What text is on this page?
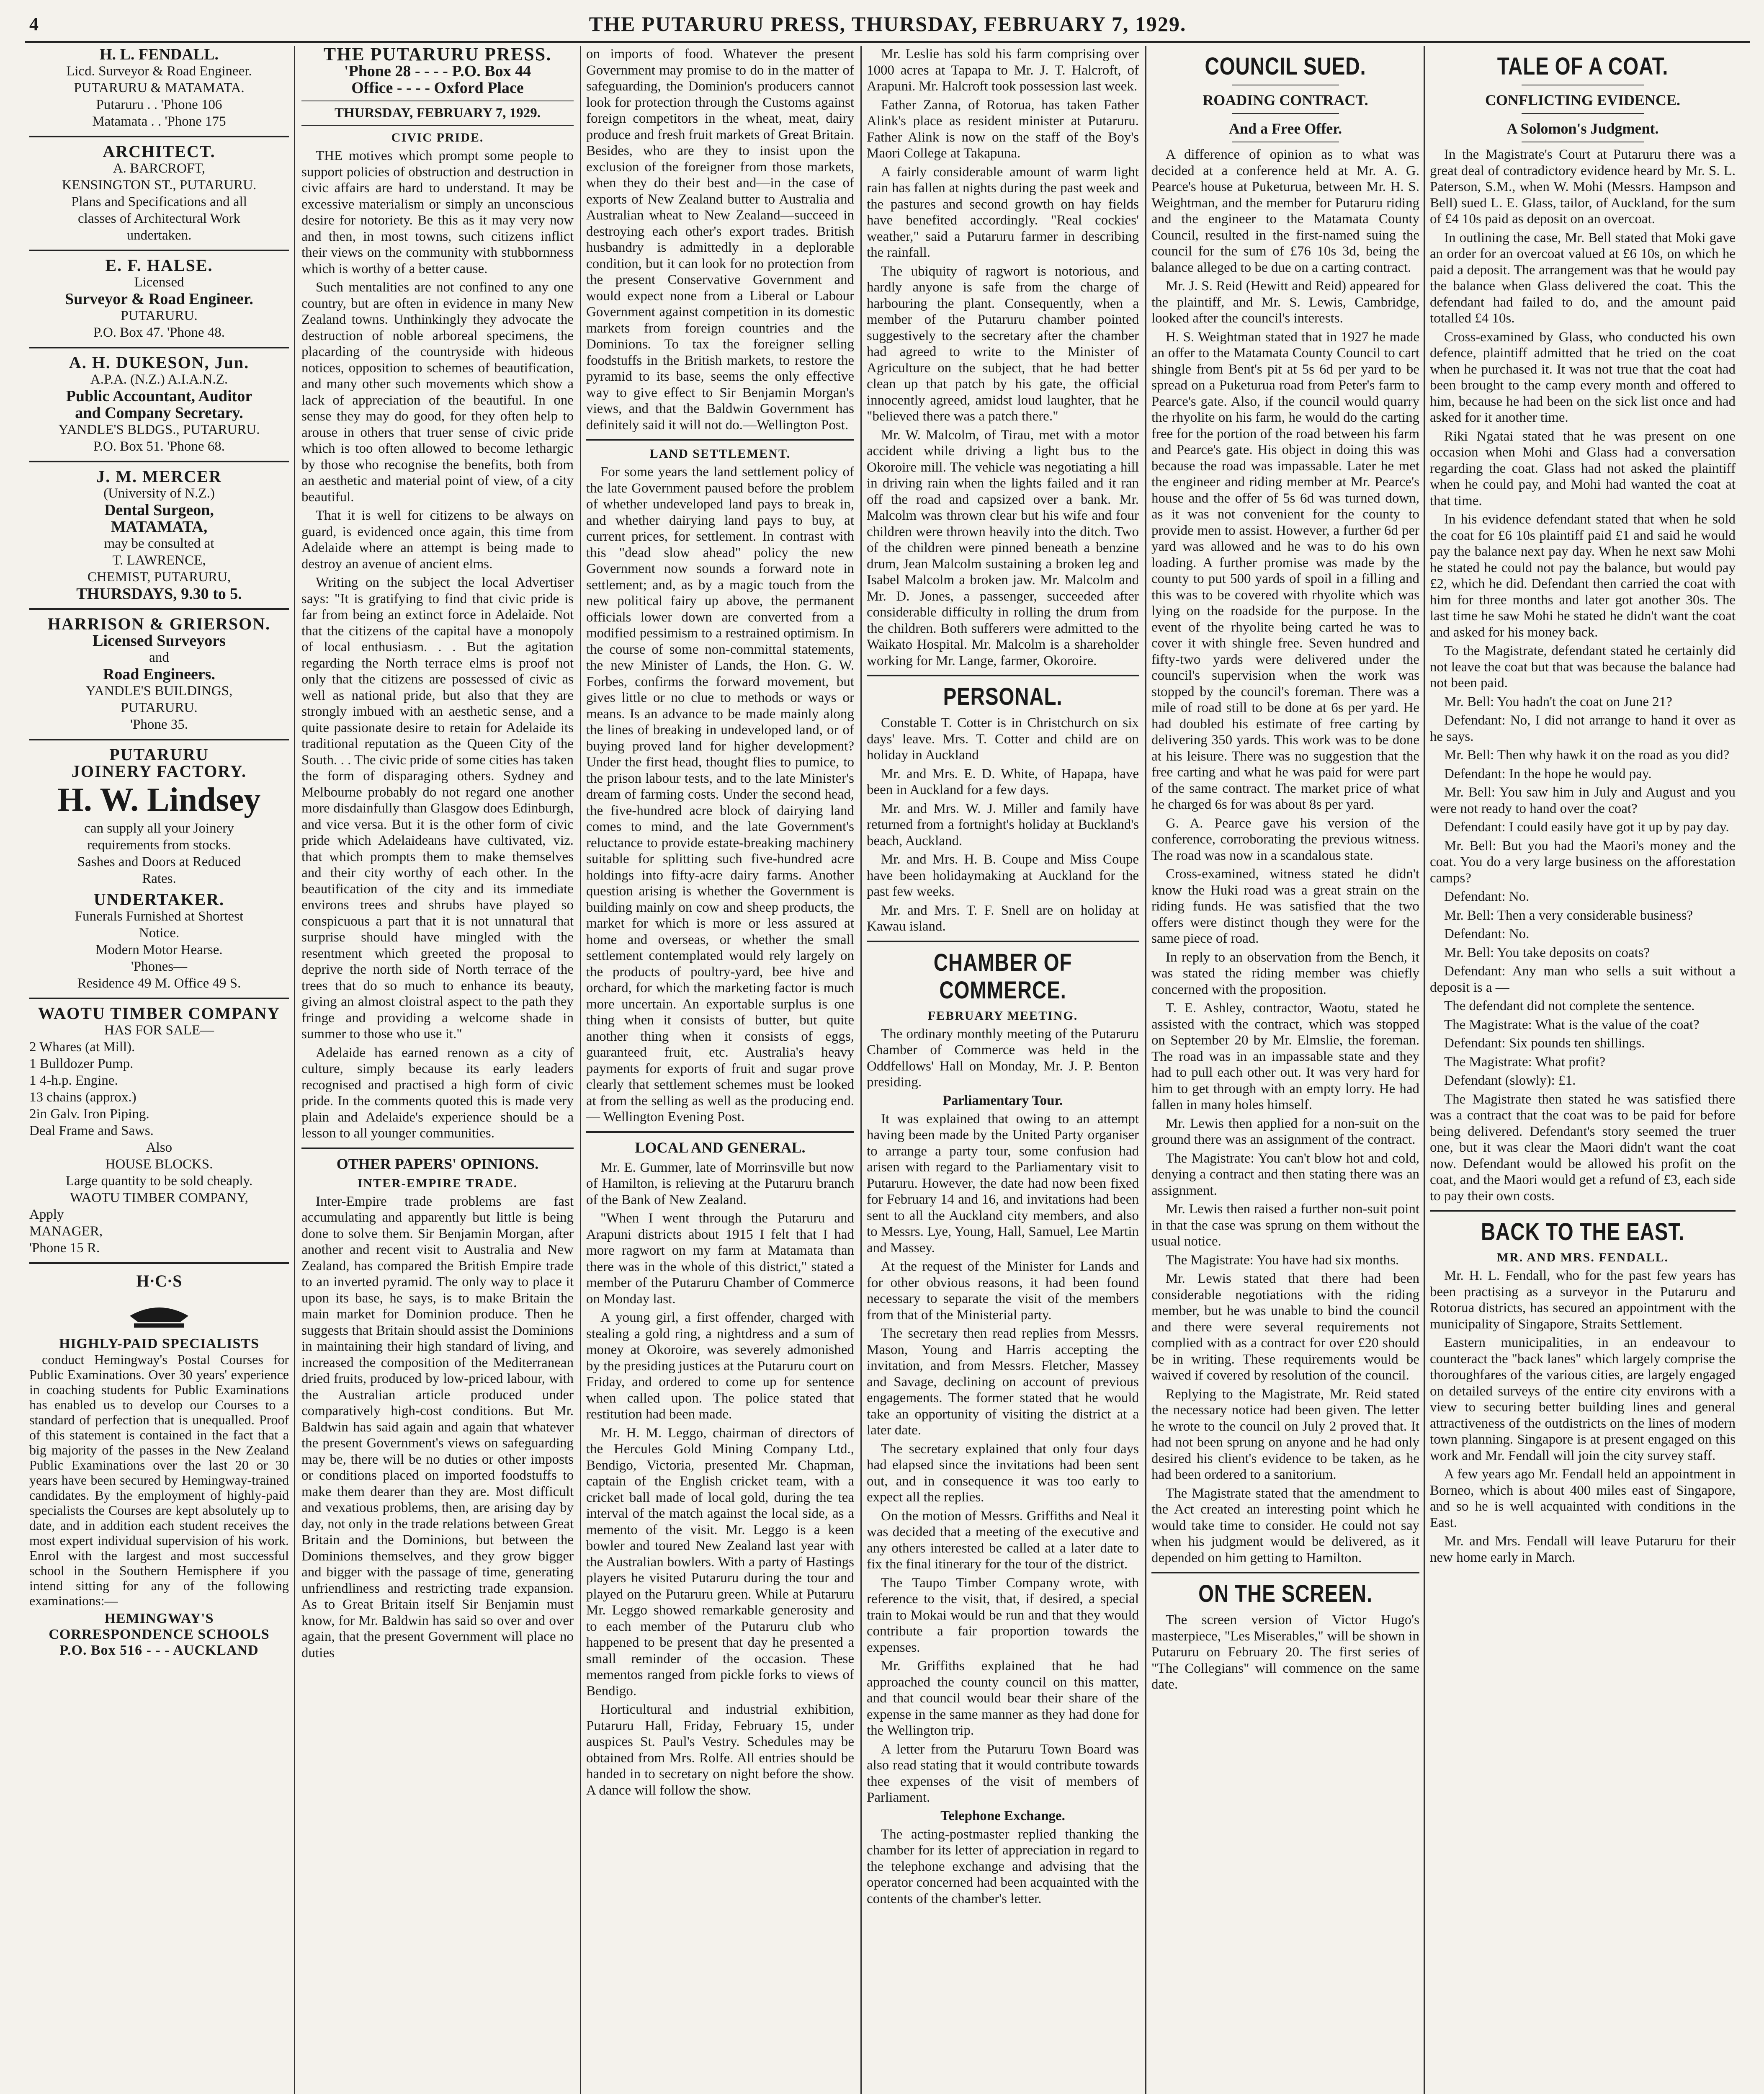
4	THE PUTARURU PRESS, THURSDAY, FEBRUARY 7, 1929.
H. L. FENDALL.
Licd. Surveyor & Road Engineer.
PUTARURU & MATAMATA.
Putaruru . . 'Phone 106
Matamata . . 'Phone 175
ARCHITECT.
A. BARCROFT,
KENSINGTON ST., PUTARURU.
Plans and Specifications and all
classes of Architectural Work
undertaken.
E. F. HALSE.
Licensed
Surveyor & Road Engineer.
PUTARURU.
P.O. Box 47. 'Phone 48.
A. H. DUKESON, Jun.
A.P.A. (N.Z.) A.I.A.N.Z.
Public Accountant, Auditor
and Company Secretary.
YANDLE'S BLDGS., PUTARURU.
P.O. Box 51. 'Phone 68.
J. M. MERCER
(University of N.Z.)
Dental Surgeon,
MATAMATA,
may be consulted at
T. LAWRENCE,
CHEMIST, PUTARURU,
THURSDAYS, 9.30 to 5.
HARRISON & GRIERSON.
Licensed Surveyors
and
Road Engineers.
YANDLE'S BUILDINGS,
PUTARURU.
'Phone 35.
PUTARURU
JOINERY FACTORY.
H. W. Lindsey
can supply all your Joinery
requirements from stocks.
Sashes and Doors at Reduced
Rates.
UNDERTAKER.
Funerals Furnished at Shortest
Notice.
Modern Motor Hearse.
'Phones—
Residence 49 M. Office 49 S.
WAOTU TIMBER COMPANY
HAS FOR SALE—
2 Whares (at Mill).
1 Bulldozer Pump.
1 4-h.p. Engine.
13 chains (approx.)
2in Galv. Iron Piping.
Deal Frame and Saws.
Also
HOUSE BLOCKS.
Large quantity to be sold cheaply.
WAOTU TIMBER COMPANY,
Apply
MANAGER,
'Phone 15 R.
H·C·S
HIGHLY-PAID SPECIALISTS

conduct Hemingway's Postal Courses for Public Examinations. Over 30 years' experience in coaching students for Public Examinations has enabled us to develop our Courses to a standard of perfection that is unequalled. Proof of this statement is contained in the fact that a big majority of the passes in the New Zealand Public Examinations over the last 20 or 30 years have been secured by Hemingway-trained candidates. By the employment of highly-paid specialists the Courses are kept absolutely up to date, and in addition each student receives the most expert individual supervision of his work. Enrol with the largest and most successful school in the Southern Hemisphere if you intend sitting for any of the following examinations:—

HEMINGWAY'S
CORRESPONDENCE SCHOOLS
P.O. Box 516 - - - AUCKLAND
THE PUTARURU PRESS.
'Phone 28 - - - - P.O. Box 44
Office - - - - Oxford Place
THURSDAY, FEBRUARY 7, 1929.
CIVIC PRIDE.

THE motives which prompt some people to support policies of obstruction and destruction in civic affairs are hard to understand. It may be excessive materialism or simply an unconscious desire for notoriety. Be this as it may very now and then, in most towns, such citizens inflict their views on the community with stubbornness which is worthy of a better cause.

Such mentalities are not confined to any one country, but are often in evidence in many New Zealand towns. Unthinkingly they advocate the destruction of noble arboreal specimens, the placarding of the countryside with hideous notices, opposition to schemes of beautification, and many other such movements which show a lack of appreciation of the beautiful. In one sense they may do good, for they often help to arouse in others that truer sense of civic pride which is too often allowed to become lethargic by those who recognise the benefits, both from an aesthetic and material point of view, of a city beautiful.

That it is well for citizens to be always on guard, is evidenced once again, this time from Adelaide where an attempt is being made to destroy an avenue of ancient elms.

Writing on the subject the local Advertiser says: "It is gratifying to find that civic pride is far from being an extinct force in Adelaide. Not that the citizens of the capital have a monopoly of local enthusiasm. . . But the agitation regarding the North terrace elms is proof not only that the citizens are possessed of civic as well as national pride, but also that they are strongly imbued with an aesthetic sense, and a quite passionate desire to retain for Adelaide its traditional reputation as the Queen City of the South. . . The civic pride of some cities has taken the form of disparaging others. Sydney and Melbourne probably do not regard one another more disdainfully than Glasgow does Edinburgh, and vice versa. But it is the other form of civic pride which Adelaideans have cultivated, viz. that which prompts them to make themselves and their city worthy of each other. In the beautification of the city and its immediate environs trees and shrubs have played so conspicuous a part that it is not unnatural that surprise should have mingled with the resentment which greeted the proposal to deprive the north side of North terrace of the trees that do so much to enhance its beauty, giving an almost cloistral aspect to the path they fringe and providing a welcome shade in summer to those who use it."

Adelaide has earned renown as a city of culture, simply because its early leaders recognised and practised a high form of civic pride. In the comments quoted this is made very plain and Adelaide's experience should be a lesson to all younger communities.

OTHER PAPERS' OPINIONS.
INTER-EMPIRE TRADE.

Inter-Empire trade problems are fast accumulating and apparently but little is being done to solve them. Sir Benjamin Morgan, after another and recent visit to Australia and New Zealand, has compared the British Empire trade to an inverted pyramid. The only way to place it upon its base, he says, is to make Britain the main market for Dominion produce. Then he suggests that Britain should assist the Dominions in maintaining their high standard of living, and increased the composition of the Mediterranean dried fruits, produced by low-priced labour, with the Australian article produced under comparatively high-cost conditions. But Mr. Baldwin has said again and again that whatever the present Government's views on safeguarding may be, there will be no duties or other imposts or conditions placed on imported foodstuffs to make them dearer than they are. Most difficult and vexatious problems, then, are arising day by day, not only in the trade relations between Great Britain and the Dominions, but between the Dominions themselves, and they grow bigger and bigger with the passage of time, generating unfriendliness and restricting trade expansion. As to Great Britain itself Sir Benjamin must know, for Mr. Baldwin has said so over and over again, that the present Government will place no duties

on imports of food. Whatever the present Government may promise to do in the matter of safeguarding, the Dominion's producers cannot look for protection through the Customs against foreign competitors in the wheat, meat, dairy produce and fresh fruit markets of Great Britain. Besides, who are they to insist upon the exclusion of the foreigner from those markets, when they do their best and—in the case of exports of New Zealand butter to Australia and Australian wheat to New Zealand—succeed in destroying each other's export trades. British husbandry is admittedly in a deplorable condition, but it can look for no protection from the present Conservative Government and would expect none from a Liberal or Labour Government against competition in its domestic markets from foreign countries and the Dominions. To tax the foreigner selling foodstuffs in the British markets, to restore the pyramid to its base, seems the only effective way to give effect to Sir Benjamin Morgan's views, and that the Baldwin Government has definitely said it will not do.—Wellington Post.

LAND SETTLEMENT.

For some years the land settlement policy of the late Government paused before the problem of whether undeveloped land pays to break in, and whether dairying land pays to buy, at current prices, for settlement. In contrast with this "dead slow ahead" policy the new Government now sounds a forward note in settlement; and, as by a magic touch from the new political fairy up above, the permanent officials lower down are converted from a modified pessimism to a restrained optimism. In the course of some non-committal statements, the new Minister of Lands, the Hon. G. W. Forbes, confirms the forward movement, but gives little or no clue to methods or ways or means. Is an advance to be made mainly along the lines of breaking in undeveloped land, or of buying proved land for higher development? Under the first head, thought flies to pumice, to the prison labour tests, and to the late Minister's dream of farming costs. Under the second head, the five-hundred acre block of dairying land comes to mind, and the late Government's reluctance to provide estate-breaking machinery suitable for splitting such five-hundred acre holdings into fifty-acre dairy farms. Another question arising is whether the Government is building mainly on cow and sheep products, the market for which is more or less assured at home and overseas, or whether the small settlement contemplated would rely largely on the products of poultry-yard, bee hive and orchard, for which the marketing factor is much more uncertain. An exportable surplus is one thing when it consists of butter, but quite another thing when it consists of eggs, guaranteed fruit, etc. Australia's heavy payments for exports of fruit and sugar prove clearly that settlement schemes must be looked at from the selling as well as the producing end. — Wellington Evening Post.

LOCAL AND GENERAL.

Mr. E. Gummer, late of Morrinsville but now of Hamilton, is relieving at the Putaruru branch of the Bank of New Zealand.

"When I went through the Putaruru and Arapuni districts about 1915 I felt that I had more ragwort on my farm at Matamata than there was in the whole of this district," stated a member of the Putaruru Chamber of Commerce on Monday last.

A young girl, a first offender, charged with stealing a gold ring, a nightdress and a sum of money at Okoroire, was severely admonished by the presiding justices at the Putaruru court on Friday, and ordered to come up for sentence when called upon. The police stated that restitution had been made.

Mr. H. M. Leggo, chairman of directors of the Hercules Gold Mining Company Ltd., Bendigo, Victoria, presented Mr. Chapman, captain of the English cricket team, with a cricket ball made of local gold, during the tea interval of the match against the local side, as a memento of the visit. Mr. Leggo is a keen bowler and toured New Zealand last year with the Australian bowlers. With a party of Hastings players he visited Putaruru during the tour and played on the Putaruru green. While at Putaruru Mr. Leggo showed remarkable generosity and to each member of the Putaruru club who happened to be present that day he presented a small reminder of the occasion. These mementos ranged from pickle forks to views of Bendigo.

Horticultural and industrial exhibition, Putaruru Hall, Friday, February 15, under auspices St. Paul's Vestry. Schedules may be obtained from Mrs. Rolfe. All entries should be handed in to secretary on night before the show. A dance will follow the show.

Mr. Leslie has sold his farm comprising over 1000 acres at Tapapa to Mr. J. T. Halcroft, of Arapuni. Mr. Halcroft took possession last week.

Father Zanna, of Rotorua, has taken Father Alink's place as resident minister at Putaruru. Father Alink is now on the staff of the Boy's Maori College at Takapuna.

A fairly considerable amount of warm light rain has fallen at nights during the past week and the pastures and second growth on hay fields have benefited accordingly. "Real cockies' weather," said a Putaruru farmer in describing the rainfall.

The ubiquity of ragwort is notorious, and hardly anyone is safe from the charge of harbouring the plant. Consequently, when a member of the Putaruru chamber pointed suggestively to the secretary after the chamber had agreed to write to the Minister of Agriculture on the subject, that he had better clean up that patch by his gate, the official innocently agreed, amidst loud laughter, that he "believed there was a patch there."

Mr. W. Malcolm, of Tirau, met with a motor accident while driving a light bus to the Okoroire mill. The vehicle was negotiating a hill in driving rain when the lights failed and it ran off the road and capsized over a bank. Mr. Malcolm was thrown clear but his wife and four children were thrown heavily into the ditch. Two of the children were pinned beneath a benzine drum, Jean Malcolm sustaining a broken leg and Isabel Malcolm a broken jaw. Mr. Malcolm and Mr. D. Jones, a passenger, succeeded after considerable difficulty in rolling the drum from the children. Both sufferers were admitted to the Waikato Hospital. Mr. Malcolm is a shareholder working for Mr. Lange, farmer, Okoroire.

PERSONAL.

Constable T. Cotter is in Christchurch on six days' leave. Mrs. T. Cotter and child are on holiday in Auckland

Mr. and Mrs. E. D. White, of Hapapa, have been in Auckland for a few days.

Mr. and Mrs. W. J. Miller and family have returned from a fortnight's holiday at Buckland's beach, Auckland.

Mr. and Mrs. H. B. Coupe and Miss Coupe have been holidaymaking at Auckland for the past few weeks.

Mr. and Mrs. T. F. Snell are on holiday at Kawau island.

CHAMBER OF COMMERCE.
FEBRUARY MEETING.

The ordinary monthly meeting of the Putaruru Chamber of Commerce was held in the Oddfellows' Hall on Monday, Mr. J. P. Benton presiding.

Parliamentary Tour.

It was explained that owing to an attempt having been made by the United Party organiser to arrange a party tour, some confusion had arisen with regard to the Parliamentary visit to Putaruru. However, the date had now been fixed for February 14 and 16, and invitations had been sent to all the Auckland city members, and also to Messrs. Lye, Young, Hall, Samuel, Lee Martin and Massey.

At the request of the Minister for Lands and for other obvious reasons, it had been found necessary to separate the visit of the members from that of the Ministerial party.

The secretary then read replies from Messrs. Mason, Young and Harris accepting the invitation, and from Messrs. Fletcher, Massey and Savage, declining on account of previous engagements. The former stated that he would take an opportunity of visiting the district at a later date.

The secretary explained that only four days had elapsed since the invitations had been sent out, and in consequence it was too early to expect all the replies.

On the motion of Messrs. Griffiths and Neal it was decided that a meeting of the executive and any others interested be called at a later date to fix the final itinerary for the tour of the district.

The Taupo Timber Company wrote, with reference to the visit, that, if desired, a special train to Mokai would be run and that they would contribute a fair proportion towards the expenses.

Mr. Griffiths explained that he had approached the county council on this matter, and that council would bear their share of the expense in the same manner as they had done for the Wellington trip.

A letter from the Putaruru Town Board was also read stating that it would contribute towards thee expenses of the visit of members of Parliament.

Telephone Exchange.

The acting-postmaster replied thanking the chamber for its letter of appreciation in regard to the telephone exchange and advising that the operator concerned had been acquainted with the contents of the chamber's letter.

COUNCIL SUED.
ROADING CONTRACT.
And a Free Offer.

A difference of opinion as to what was decided at a conference held at Mr. A. G. Pearce's house at Puketurua, between Mr. H. S. Weightman, and the member for Putaruru riding and the engineer to the Matamata County Council, resulted in the first-named suing the council for the sum of £76 10s 3d, being the balance alleged to be due on a carting contract.

Mr. J. S. Reid (Hewitt and Reid) appeared for the plaintiff, and Mr. S. Lewis, Cambridge, looked after the council's interests.

H. S. Weightman stated that in 1927 he made an offer to the Matamata County Council to cart shingle from Bent's pit at 5s 6d per yard to be spread on a Puketurua road from Peter's farm to Pearce's gate. Also, if the council would quarry the rhyolite on his farm, he would do the carting free for the portion of the road between his farm and Pearce's gate. His object in doing this was because the road was impassable. Later he met the engineer and riding member at Mr. Pearce's house and the offer of 5s 6d was turned down, as it was not convenient for the county to provide men to assist. However, a further 6d per yard was allowed and he was to do his own loading. A further promise was made by the county to put 500 yards of spoil in a filling and this was to be covered with rhyolite which was lying on the roadside for the purpose. In the event of the rhyolite being carted he was to cover it with shingle free. Seven hundred and fifty-two yards were delivered under the council's supervision when the work was stopped by the council's foreman. There was a mile of road still to be done at 6s per yard. He had doubled his estimate of free carting by delivering 350 yards. This work was to be done at his leisure. There was no suggestion that the free carting and what he was paid for were part of the same contract. The market price of what he charged 6s for was about 8s per yard.

G. A. Pearce gave his version of the conference, corroborating the previous witness. The road was now in a scandalous state.

Cross-examined, witness stated he didn't know the Huki road was a great strain on the riding funds. He was satisfied that the two offers were distinct though they were for the same piece of road.

In reply to an observation from the Bench, it was stated the riding member was chiefly concerned with the proposition.

T. E. Ashley, contractor, Waotu, stated he assisted with the contract, which was stopped on September 20 by Mr. Elmslie, the foreman. The road was in an impassable state and they had to pull each other out. It was very hard for him to get through with an empty lorry. He had fallen in many holes himself.

Mr. Lewis then applied for a non-suit on the ground there was an assignment of the contract.

The Magistrate: You can't blow hot and cold, denying a contract and then stating there was an assignment.

Mr. Lewis then raised a further non-suit point in that the case was sprung on them without the usual notice.

The Magistrate: You have had six months.

Mr. Lewis stated that there had been considerable negotiations with the riding member, but he was unable to bind the council and there were several requirements not complied with as a contract for over £20 should be in writing. These requirements would be waived if covered by resolution of the council.

Replying to the Magistrate, Mr. Reid stated the necessary notice had been given. The letter he wrote to the council on July 2 proved that. It had not been sprung on anyone and he had only desired his client's evidence to be taken, as he had been ordered to a sanitorium.

The Magistrate stated that the amendment to the Act created an interesting point which he would take time to consider. He could not say when his judgment would be delivered, as it depended on him getting to Hamilton.

ON THE SCREEN.

The screen version of Victor Hugo's masterpiece, "Les Miserables," will be shown in Putaruru on February 20. The first series of "The Collegians" will commence on the same date.

TALE OF A COAT.
CONFLICTING EVIDENCE.
A Solomon's Judgment.

In the Magistrate's Court at Putaruru there was a great deal of contradictory evidence heard by Mr. S. L. Paterson, S.M., when W. Mohi (Messrs. Hampson and Bell) sued L. E. Glass, tailor, of Auckland, for the sum of £4 10s paid as deposit on an overcoat.

In outlining the case, Mr. Bell stated that Moki gave an order for an overcoat valued at £6 10s, on which he paid a deposit. The arrangement was that he would pay the balance when Glass delivered the coat. This the defendant had failed to do, and the amount paid totalled £4 10s.

Cross-examined by Glass, who conducted his own defence, plaintiff admitted that he tried on the coat when he purchased it. It was not true that the coat had been brought to the camp every month and offered to him, because he had been on the sick list once and had asked for it another time.

Riki Ngatai stated that he was present on one occasion when Mohi and Glass had a conversation regarding the coat. Glass had not asked the plaintiff when he could pay, and Mohi had wanted the coat at that time.

In his evidence defendant stated that when he sold the coat for £6 10s plaintiff paid £1 and said he would pay the balance next pay day. When he next saw Mohi he stated he could not pay the balance, but would pay £2, which he did. Defendant then carried the coat with him for three months and later got another 30s. The last time he saw Mohi he stated he didn't want the coat and asked for his money back.

To the Magistrate, defendant stated he certainly did not leave the coat but that was because the balance had not been paid.

Mr. Bell: You hadn't the coat on June 21?

Defendant: No, I did not arrange to hand it over as he says.

Mr. Bell: Then why hawk it on the road as you did?

Defendant: In the hope he would pay.

Mr. Bell: You saw him in July and August and you were not ready to hand over the coat?

Defendant: I could easily have got it up by pay day.

Mr. Bell: But you had the Maori's money and the coat. You do a very large business on the afforestation camps?

Defendant: No.

Mr. Bell: Then a very considerable business?

Defendant: No.

Mr. Bell: You take deposits on coats?

Defendant: Any man who sells a suit without a deposit is a —

The defendant did not complete the sentence.

The Magistrate: What is the value of the coat?

Defendant: Six pounds ten shillings.

The Magistrate: What profit?

Defendant (slowly): £1.

The Magistrate then stated he was satisfied there was a contract that the coat was to be paid for before being delivered. Defendant's story seemed the truer one, but it was clear the Maori didn't want the coat now. Defendant would be allowed his profit on the coat, and the Maori would get a refund of £3, each side to pay their own costs.

BACK TO THE EAST.
MR. AND MRS. FENDALL.

Mr. H. L. Fendall, who for the past few years has been practising as a surveyor in the Putaruru and Rotorua districts, has secured an appointment with the municipality of Singapore, Straits Settlement.

Eastern municipalities, in an endeavour to counteract the "back lanes" which largely comprise the thoroughfares of the various cities, are largely engaged on detailed surveys of the entire city environs with a view to securing better building lines and general attractiveness of the outdistricts on the lines of modern town planning. Singapore is at present engaged on this work and Mr. Fendall will join the city survey staff.

A few years ago Mr. Fendall held an appointment in Borneo, which is about 400 miles east of Singapore, and so he is well acquainted with conditions in the East.

Mr. and Mrs. Fendall will leave Putaruru for their new home early in March.
